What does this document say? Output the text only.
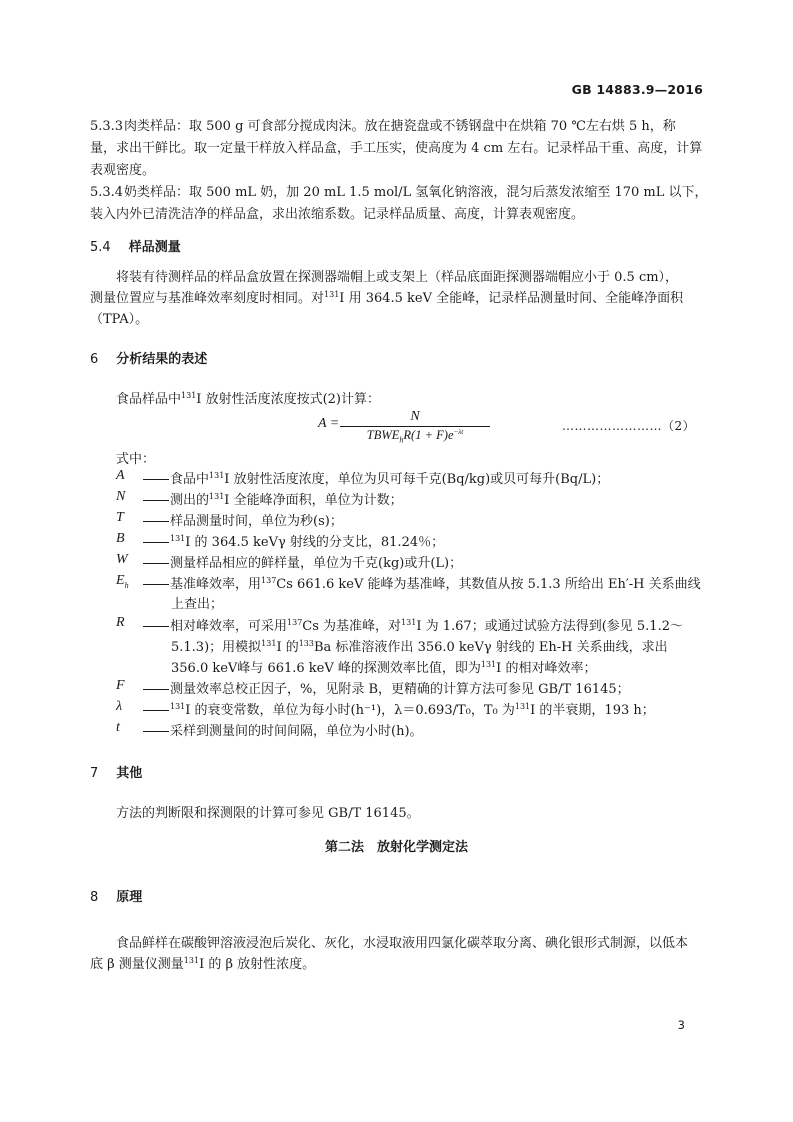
GB 14883.9—2016
5.3.3肉类样品：取 500 g 可食部分搅成肉沫。放在搪瓷盘或不锈钢盘中在烘箱 70 ℃左右烘 5 h，称
量，求出干鲜比。取一定量干样放入样品盒，手工压实，使高度为 4 cm 左右。记录样品干重、高度，计算
表观密度。
5.3.4奶类样品：取 500 mL 奶，加 20 mL 1.5 mol/L 氢氧化钠溶液，混匀后蒸发浓缩至 170 mL 以下，
装入内外已清洗洁净的样品盒，求出浓缩系数。记录样品质量、高度，计算表观密度。
5.4 样品测量
将装有待测样品的样品盒放置在探测器端帽上或支架上（样品底面距探测器端帽应小于 0.5 cm），
测量位置应与基准峰效率刻度时相同。对$^{131}$I 用 364.5 keV 全能峰，记录样品测量时间、全能峰净面积
（TPA）。
6 分析结果的表述
食品样品中$^{131}$I 放射性活度浓度按式(2)计算：
A =	N
$TBWE_hR(1 + F)e^{-\lambda t}$	……………………（2）
式中：
A	食品中$^{131}$I 放射性活度浓度，单位为贝可每千克(Bq/kg)或贝可每升(Bq/L)；
N	测出的$^{131}$I 全能峰净面积，单位为计数；
T	样品测量时间，单位为秒(s)；
B	$^{131}$I 的 364.5 keVγ 射线的分支比，81.24％；
W	测量样品相应的鲜样量，单位为千克(kg)或升(L)；
$E_h$	基准峰效率，用$^{137}$Cs 661.6 keV 能峰为基准峰，其数值从按 5.1.3 所给出 Eh′-H 关系曲线
上查出；
R	相对峰效率，可采用$^{137}$Cs 为基准峰，对$^{131}$I 为 1.67；或通过试验方法得到(参见 5.1.2～
5.1.3)；用模拟$^{131}$I 的$^{133}$Ba 标准溶液作出 356.0 keVγ 射线的 Eh-H 关系曲线，求出
356.0 keV峰与 661.6 keV 峰的探测效率比值，即为$^{131}$I 的相对峰效率；
F	测量效率总校正因子，%，见附录 B，更精确的计算方法可参见 GB/T 16145；
λ	$^{131}$I 的衰变常数，单位为每小时(h⁻¹)，λ＝0.693/T₀，T₀ 为$^{131}$I 的半衰期，193 h；
t	采样到测量间的时间间隔，单位为小时(h)。
7 其他
方法的判断限和探测限的计算可参见 GB/T 16145。
第二法　放射化学测定法
8 原理
食品鲜样在碳酸钾溶液浸泡后炭化、灰化，水浸取液用四氯化碳萃取分离、碘化银形式制源，以低本
底 β 测量仪测量$^{131}$I 的 β 放射性浓度。
3
